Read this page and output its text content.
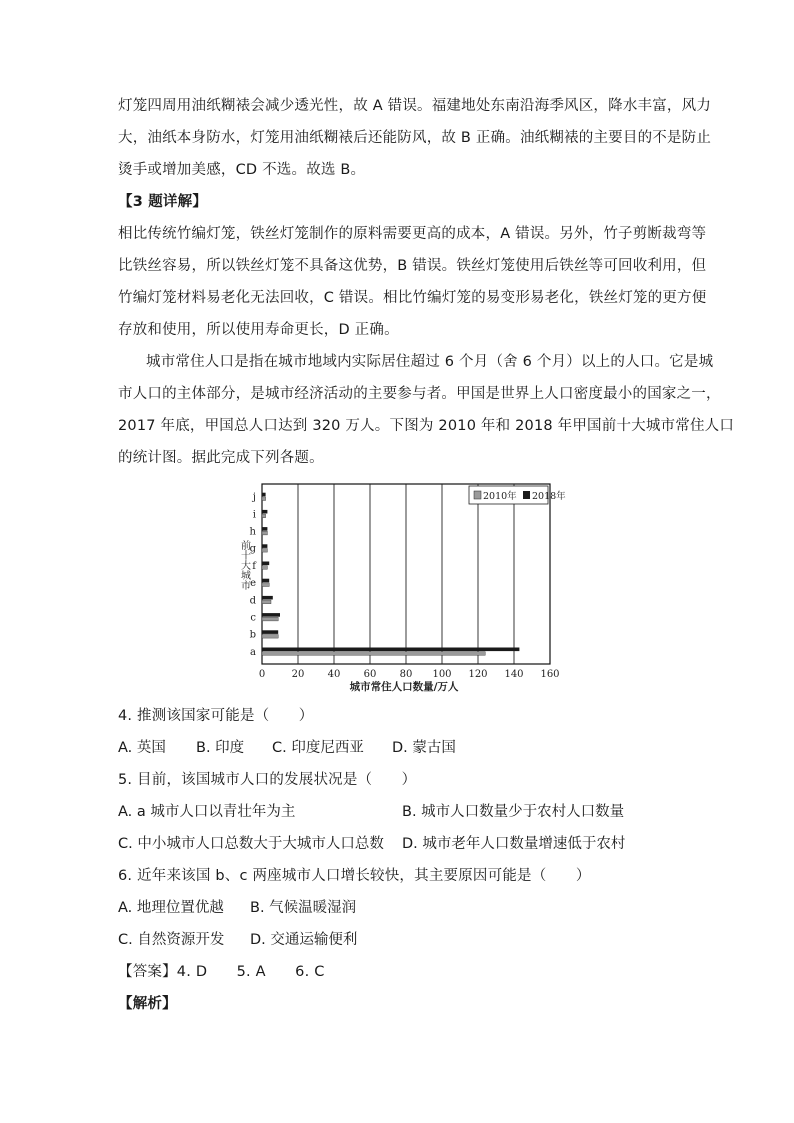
灯笼四周用油纸糊裱会减少透光性，故 A 错误。福建地处东南沿海季风区，降水丰富，风力
大，油纸本身防水，灯笼用油纸糊裱后还能防风，故 B 正确。油纸糊裱的主要目的不是防止
烫手或增加美感，CD 不选。故选 B。
【3 题详解】
相比传统竹编灯笼，铁丝灯笼制作的原料需要更高的成本，A 错误。另外，竹子剪断裁弯等
比铁丝容易，所以铁丝灯笼不具备这优势，B 错误。铁丝灯笼使用后铁丝等可回收利用，但
竹编灯笼材料易老化无法回收，C 错误。相比竹编灯笼的易变形易老化，铁丝灯笼的更方便
存放和使用，所以使用寿命更长，D 正确。
城市常住人口是指在城市地域内实际居住超过 6 个月（舍 6 个月）以上的人口。它是城
市人口的主体部分，是城市经济活动的主要参与者。甲国是世界上人口密度最小的国家之一，
2017 年底，甲国总人口达到 320 万人。下图为 2010 年和 2018 年甲国前十大城市常住人口
的统计图。据此完成下列各题。
a
b
c
d
e
f
g
h
i
j
0	20 40 60 80 100 120 140 160
前十大城市
城市常住人口数量/万人
2010年 2018年
4. 推测该国家可能是（　　）
A. 英国 B. 印度 C. 印度尼西亚 D. 蒙古国
5. 目前，该国城市人口的发展状况是（　　）
A. a 城市人口以青壮年为主	B. 城市人口数量少于农村人口数量
C. 中小城市人口总数大于大城市人口总数 D. 城市老年人口数量增速低于农村
6. 近年来该国 b、c 两座城市人口增长较快，其主要原因可能是（　　）
A. 地理位置优越 B. 气候温暖湿润
C. 自然资源开发 D. 交通运输便利
【答案】4. D　　5. A　　6. C
【解析】
